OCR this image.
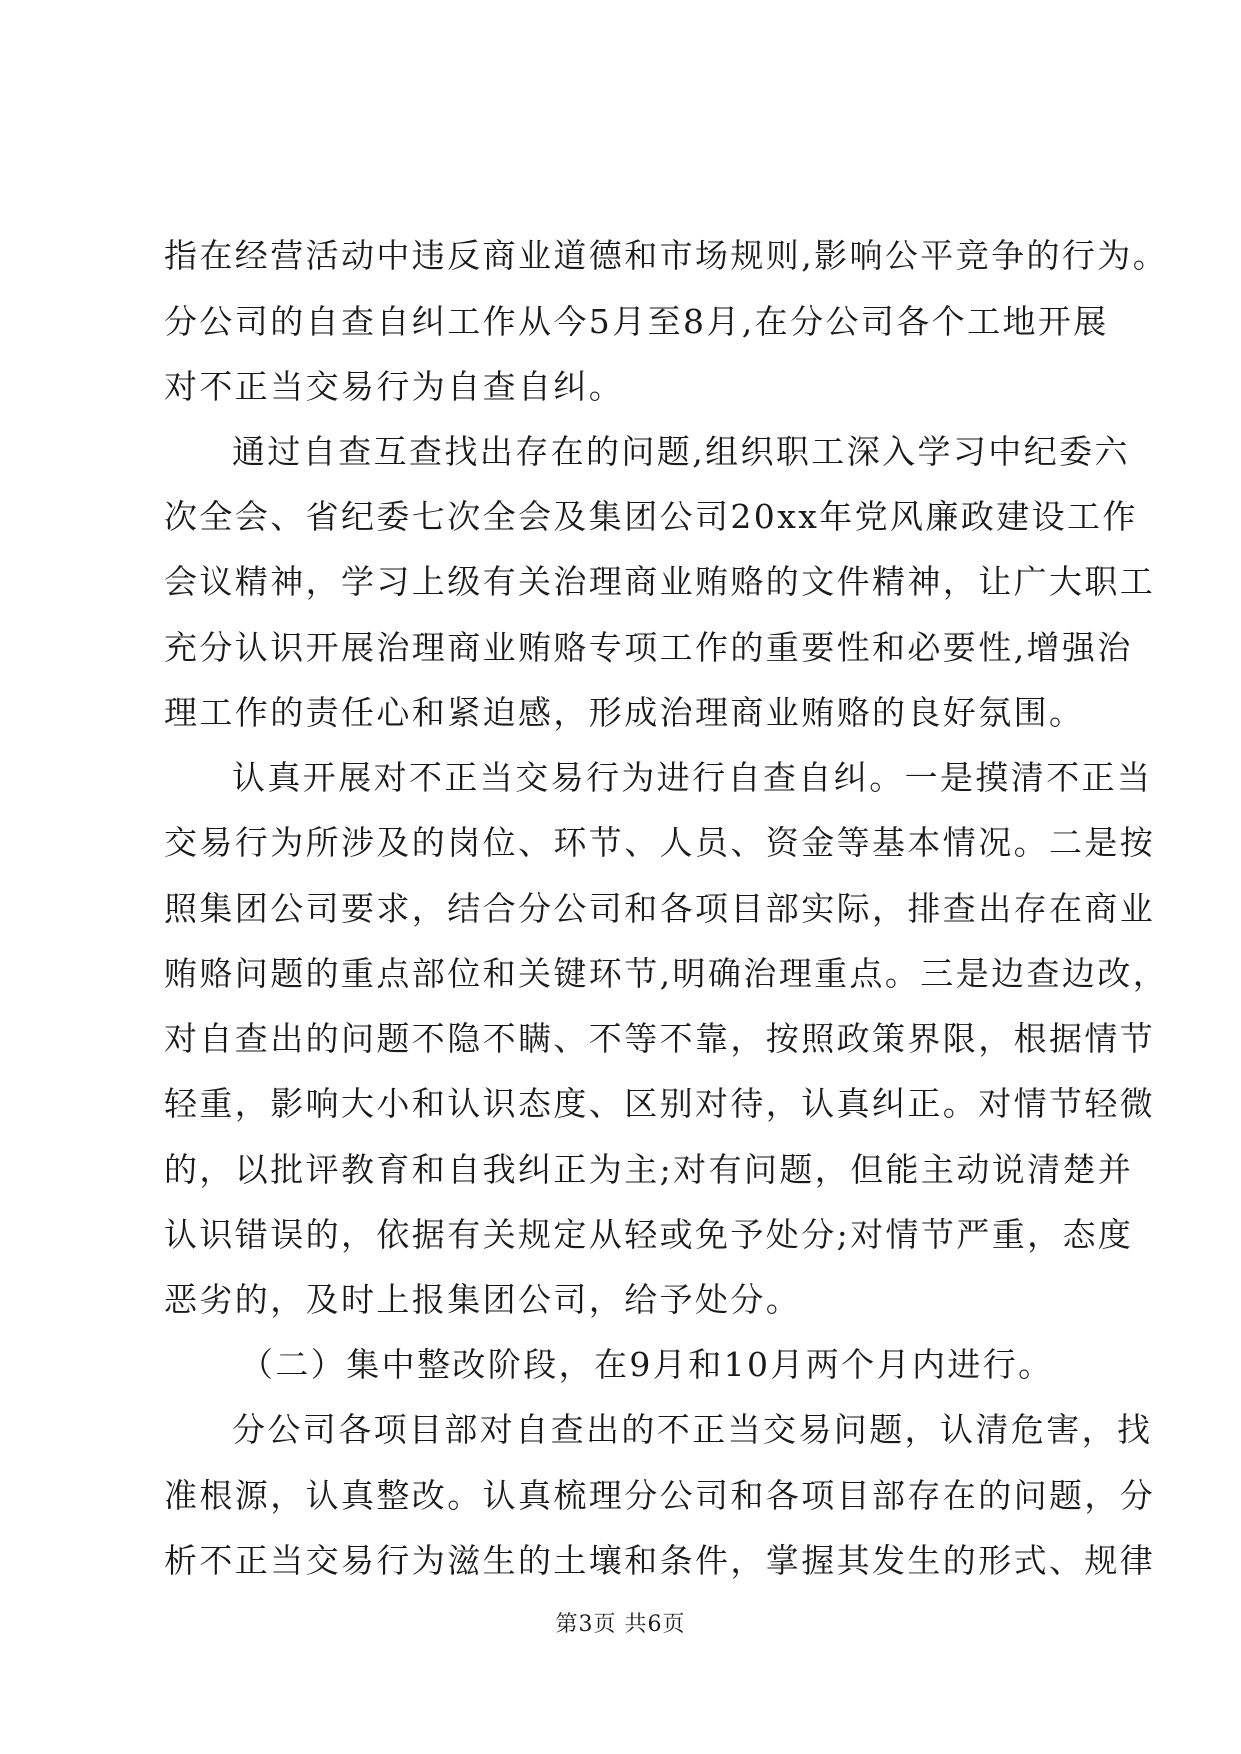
指在经营活动中违反商业道德和市场规则,影响公平竞争的行为。
分公司的自查自纠工作从今5月至8月,在分公司各个工地开展
对不正当交易行为自查自纠。
通过自查互查找出存在的问题,组织职工深入学习中纪委六
次全会、省纪委七次全会及集团公司20xx年党风廉政建设工作
会议精神，学习上级有关治理商业贿赂的文件精神，让广大职工
充分认识开展治理商业贿赂专项工作的重要性和必要性,增强治
理工作的责任心和紧迫感，形成治理商业贿赂的良好氛围。
认真开展对不正当交易行为进行自查自纠。一是摸清不正当
交易行为所涉及的岗位、环节、人员、资金等基本情况。二是按
照集团公司要求，结合分公司和各项目部实际，排查出存在商业
贿赂问题的重点部位和关键环节,明确治理重点。三是边查边改，
对自查出的问题不隐不瞒、不等不靠，按照政策界限，根据情节
轻重，影响大小和认识态度、区别对待，认真纠正。对情节轻微
的，以批评教育和自我纠正为主;对有问题，但能主动说清楚并
认识错误的，依据有关规定从轻或免予处分;对情节严重，态度
恶劣的，及时上报集团公司，给予处分。
（二）集中整改阶段，在9月和10月两个月内进行。
分公司各项目部对自查出的不正当交易问题，认清危害，找
准根源，认真整改。认真梳理分公司和各项目部存在的问题，分
析不正当交易行为滋生的土壤和条件，掌握其发生的形式、规律
第3页 共6页
